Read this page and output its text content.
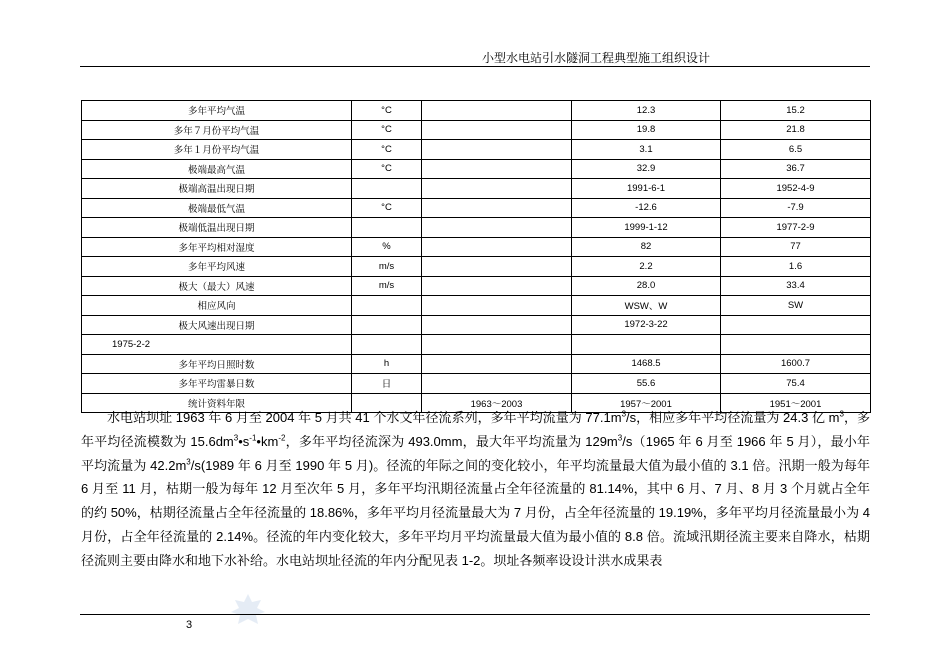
小型水电站引水隧洞工程典型施工组织设计
多年平均气温	°C		12.3	15.2
多年７月份平均气温	°C		19.8	21.8
多年１月份平均气温	°C		3.1	6.5
极端最高气温	°C		32.9	36.7
极端高温出现日期			1991-6-1	1952-4-9
极端最低气温	°C		-12.6	-7.9
极端低温出现日期			1999-1-12	1977-2-9
多年平均相对湿度	%		82	77
多年平均风速	m/s		2.2	1.6
极大（最大）风速	m/s		28.0	33.4
相应风向			WSW、W	SW
极大风速出现日期			1972-3-22	
1975-2-2				
多年平均日照时数	h		1468.5	1600.7
多年平均雷暴日数	日		55.6	75.4
统计资料年限		1963～2003	1957～2001	1951～2001

水电站坝址 1963 年 6 月至 2004 年 5 月共 41 个水文年径流系列，多年平均流量为 $77.1m^3/s$，相应多年平均径流量为 24.3 亿 $m^3$，多年平均径流模数为 $15.6dm^3•s^{-1}•km^{-2}$，多年平均径流深为 493.0mm，最大年平均流量为 $129m^3/s(1965$ 年 6 月至 1966 年 5 月），最小年平均流量为 $42.2m^3/s(1989$ 年 6 月至 1990 年 5 月)。径流的年际之间的变化较小，年平均流量最大值为最小值的 3.1 倍。汛期一般为每年 6 月至 11 月，枯期一般为每年 12 月至次年 5 月，多年平均汛期径流量占全年径流量的 81.14%，其中 6 月、7 月、8 月 3 个月就占全年的约 50%，枯期径流量占全年径流量的 18.86%，多年平均月径流量最大为 7 月份，占全年径流量的 19.19%，多年平均月径流量最小为 4 月份，占全年径流量的 2.14%。径流的年内变化较大，多年平均月平均流量最大值为最小值的 8.8 倍。流域汛期径流主要来自降水，枯期径流则主要由降水和地下水补给。水电站坝址径流的年内分配见表 1-2。坝址各频率设设计洪水成果表

3
